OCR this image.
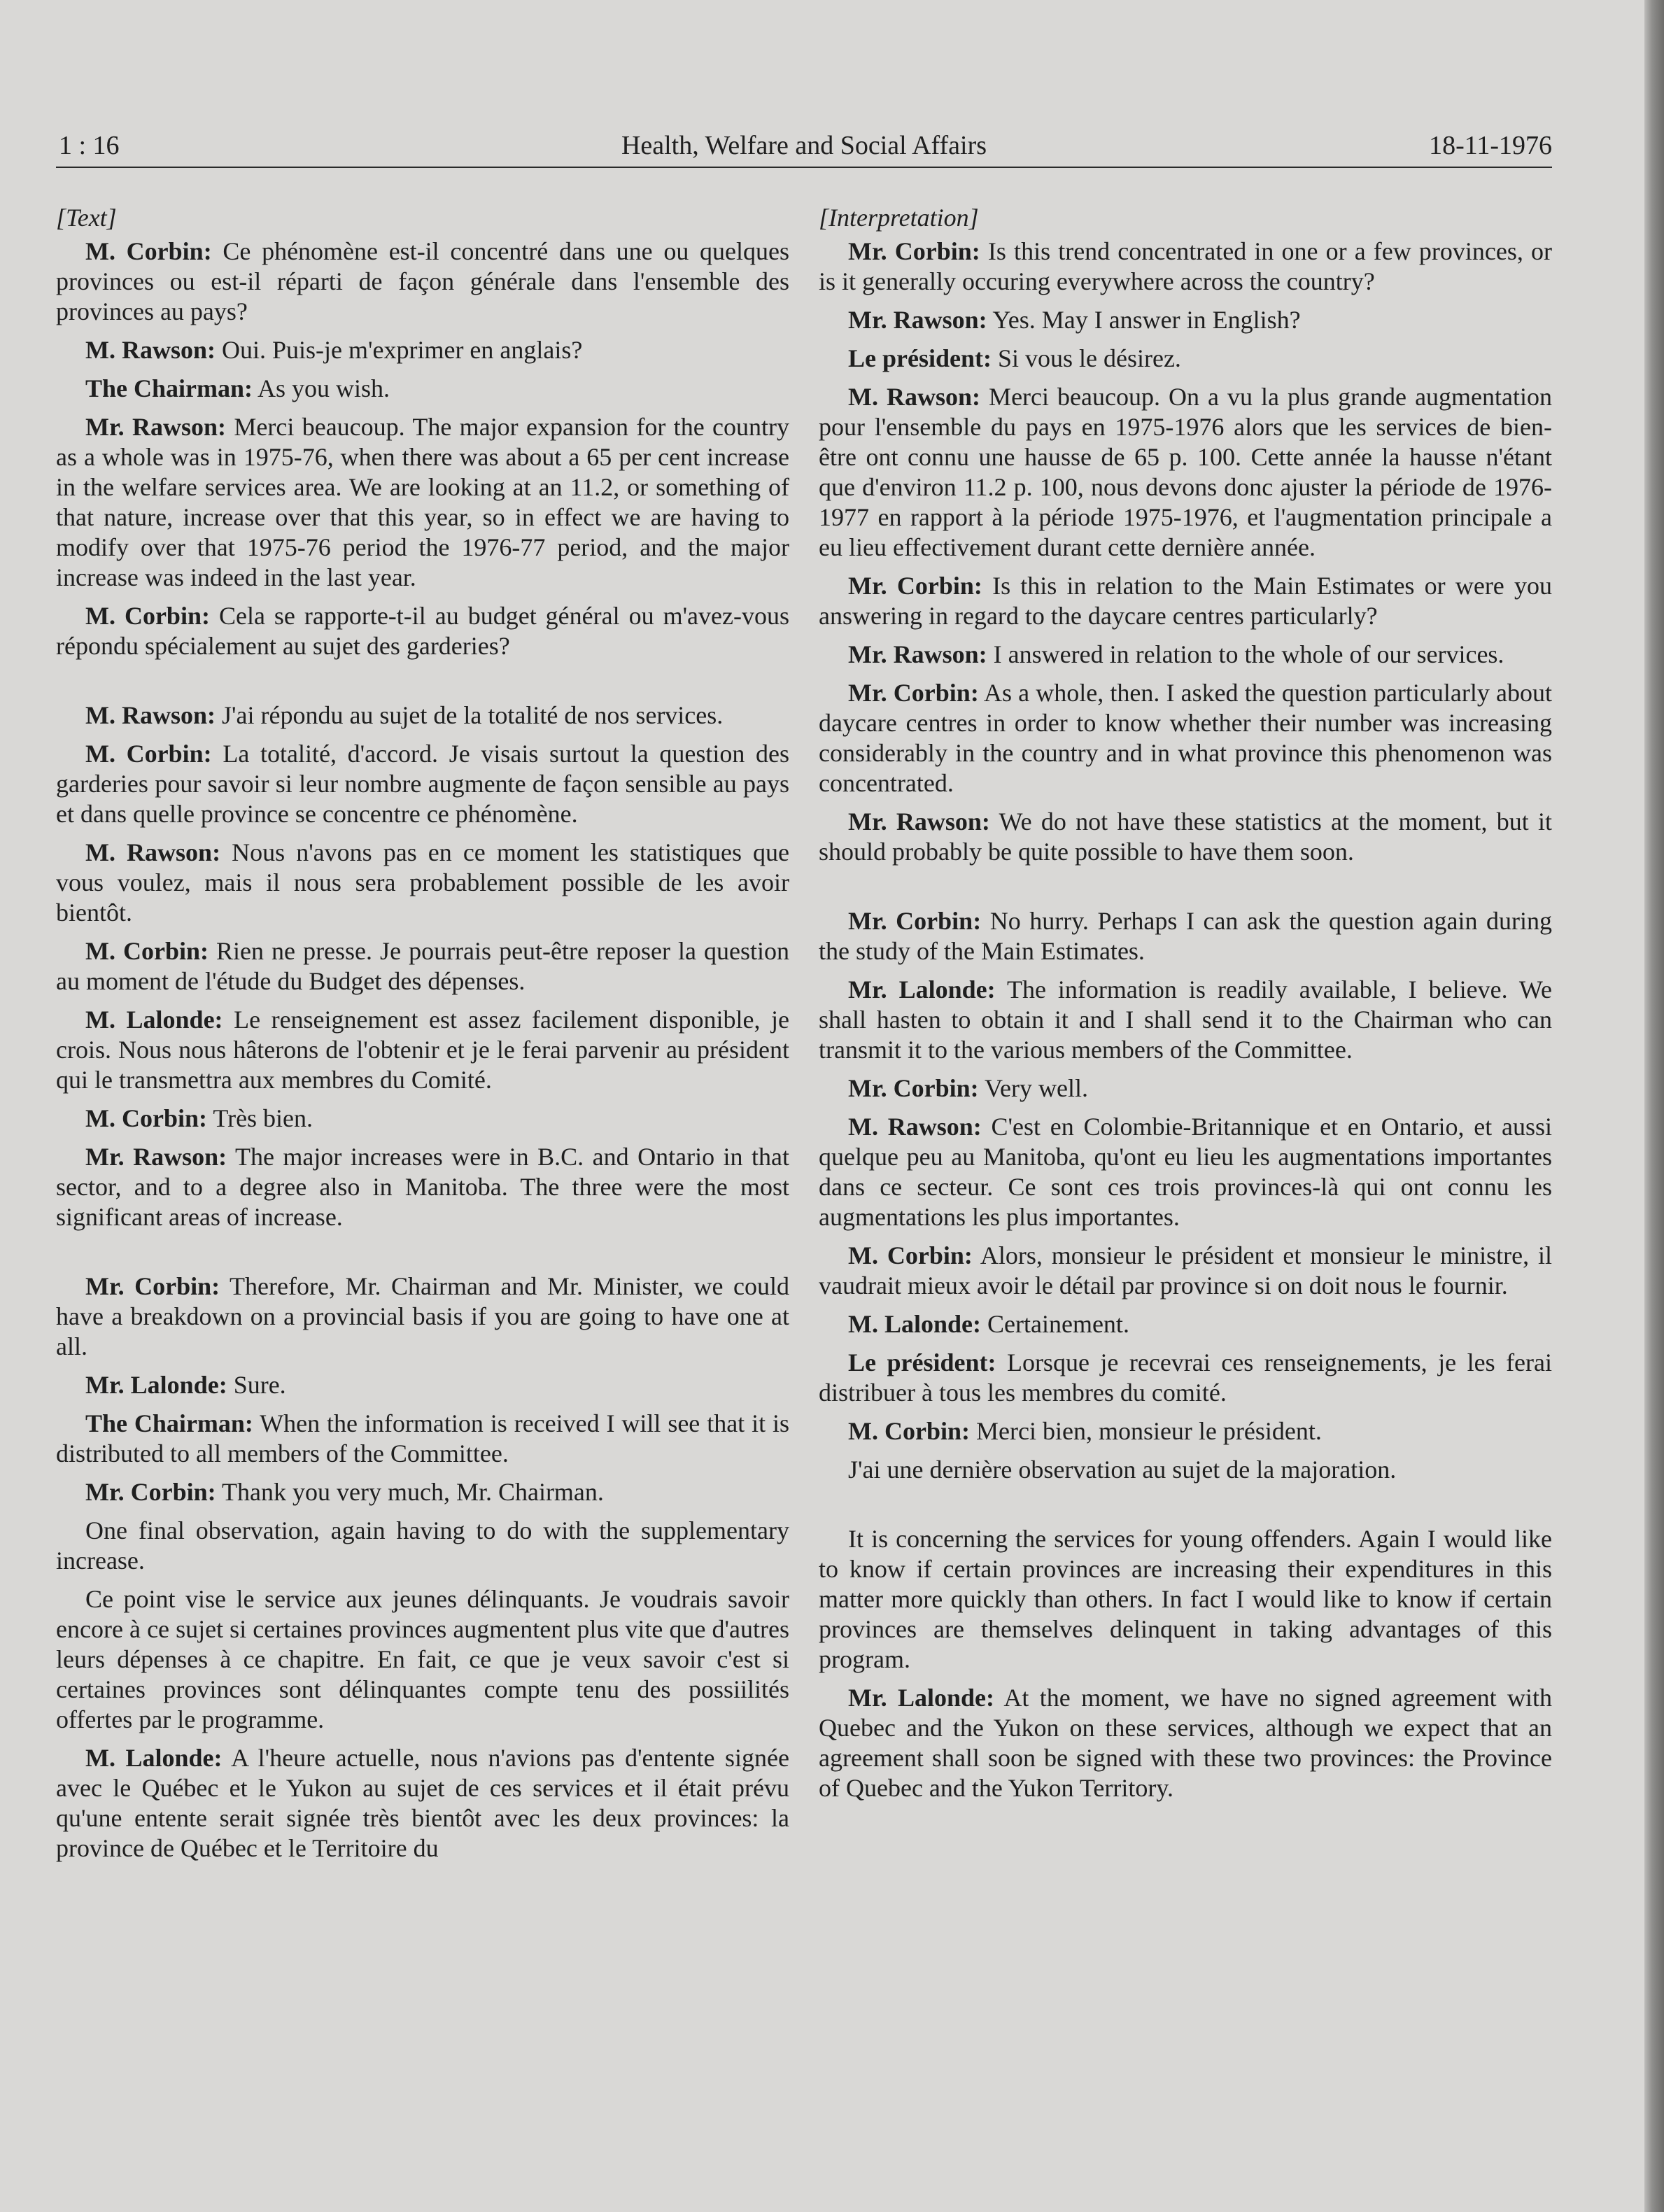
1 : 16	Health, Welfare and Social Affairs	18-11-1976
[Text]

M. Corbin: Ce phénomène est-il concentré dans une ou quelques provinces ou est-il réparti de façon générale dans l'ensemble des provinces au pays?

M. Rawson: Oui. Puis-je m'exprimer en anglais?

The Chairman: As you wish.

Mr. Rawson: Merci beaucoup. The major expansion for the country as a whole was in 1975-76, when there was about a 65 per cent increase in the welfare services area. We are looking at an 11.2, or something of that nature, increase over that this year, so in effect we are having to modify over that 1975-76 period the 1976-77 period, and the major increase was indeed in the last year.

M. Corbin: Cela se rapporte-t-il au budget général ou m'avez-vous répondu spécialement au sujet des garderies?

M. Rawson: J'ai répondu au sujet de la totalité de nos services.

M. Corbin: La totalité, d'accord. Je visais surtout la question des garderies pour savoir si leur nombre augmente de façon sensible au pays et dans quelle province se concentre ce phénomène.

M. Rawson: Nous n'avons pas en ce moment les statistiques que vous voulez, mais il nous sera probablement possible de les avoir bientôt.

M. Corbin: Rien ne presse. Je pourrais peut-être reposer la question au moment de l'étude du Budget des dépenses.

M. Lalonde: Le renseignement est assez facilement disponible, je crois. Nous nous hâterons de l'obtenir et je le ferai parvenir au président qui le transmettra aux membres du Comité.

M. Corbin: Très bien.

Mr. Rawson: The major increases were in B.C. and Ontario in that sector, and to a degree also in Manitoba. The three were the most significant areas of increase.

Mr. Corbin: Therefore, Mr. Chairman and Mr. Minister, we could have a breakdown on a provincial basis if you are going to have one at all.

Mr. Lalonde: Sure.

The Chairman: When the information is received I will see that it is distributed to all members of the Committee.

Mr. Corbin: Thank you very much, Mr. Chairman.

One final observation, again having to do with the supplementary increase.

Ce point vise le service aux jeunes délinquants. Je voudrais savoir encore à ce sujet si certaines provinces augmentent plus vite que d'autres leurs dépenses à ce chapitre. En fait, ce que je veux savoir c'est si certaines provinces sont délinquantes compte tenu des possiilités offertes par le programme.

M. Lalonde: A l'heure actuelle, nous n'avions pas d'entente signée avec le Québec et le Yukon au sujet de ces services et il était prévu qu'une entente serait signée très bientôt avec les deux provinces: la province de Québec et le Territoire du

[Interpretation]

Mr. Corbin: Is this trend concentrated in one or a few provinces, or is it generally occuring everywhere across the country?

Mr. Rawson: Yes. May I answer in English?

Le président: Si vous le désirez.

M. Rawson: Merci beaucoup. On a vu la plus grande augmentation pour l'ensemble du pays en 1975-1976 alors que les services de bien-être ont connu une hausse de 65 p. 100. Cette année la hausse n'étant que d'environ 11.2 p. 100, nous devons donc ajuster la période de 1976-1977 en rapport à la période 1975-1976, et l'augmentation principale a eu lieu effectivement durant cette dernière année.

Mr. Corbin: Is this in relation to the Main Estimates or were you answering in regard to the daycare centres particularly?

Mr. Rawson: I answered in relation to the whole of our services.

Mr. Corbin: As a whole, then. I asked the question particularly about daycare centres in order to know whether their number was increasing considerably in the country and in what province this phenomenon was concentrated.

Mr. Rawson: We do not have these statistics at the moment, but it should probably be quite possible to have them soon.

Mr. Corbin: No hurry. Perhaps I can ask the question again during the study of the Main Estimates.

Mr. Lalonde: The information is readily available, I believe. We shall hasten to obtain it and I shall send it to the Chairman who can transmit it to the various members of the Committee.

Mr. Corbin: Very well.

M. Rawson: C'est en Colombie-Britannique et en Ontario, et aussi quelque peu au Manitoba, qu'ont eu lieu les augmentations importantes dans ce secteur. Ce sont ces trois provinces-là qui ont connu les augmentations les plus importantes.

M. Corbin: Alors, monsieur le président et monsieur le ministre, il vaudrait mieux avoir le détail par province si on doit nous le fournir.

M. Lalonde: Certainement.

Le président: Lorsque je recevrai ces renseignements, je les ferai distribuer à tous les membres du comité.

M. Corbin: Merci bien, monsieur le président.

J'ai une dernière observation au sujet de la majoration.

It is concerning the services for young offenders. Again I would like to know if certain provinces are increasing their expenditures in this matter more quickly than others. In fact I would like to know if certain provinces are themselves delinquent in taking advantages of this program.

Mr. Lalonde: At the moment, we have no signed agreement with Quebec and the Yukon on these services, although we expect that an agreement shall soon be signed with these two provinces: the Province of Quebec and the Yukon Territory.
